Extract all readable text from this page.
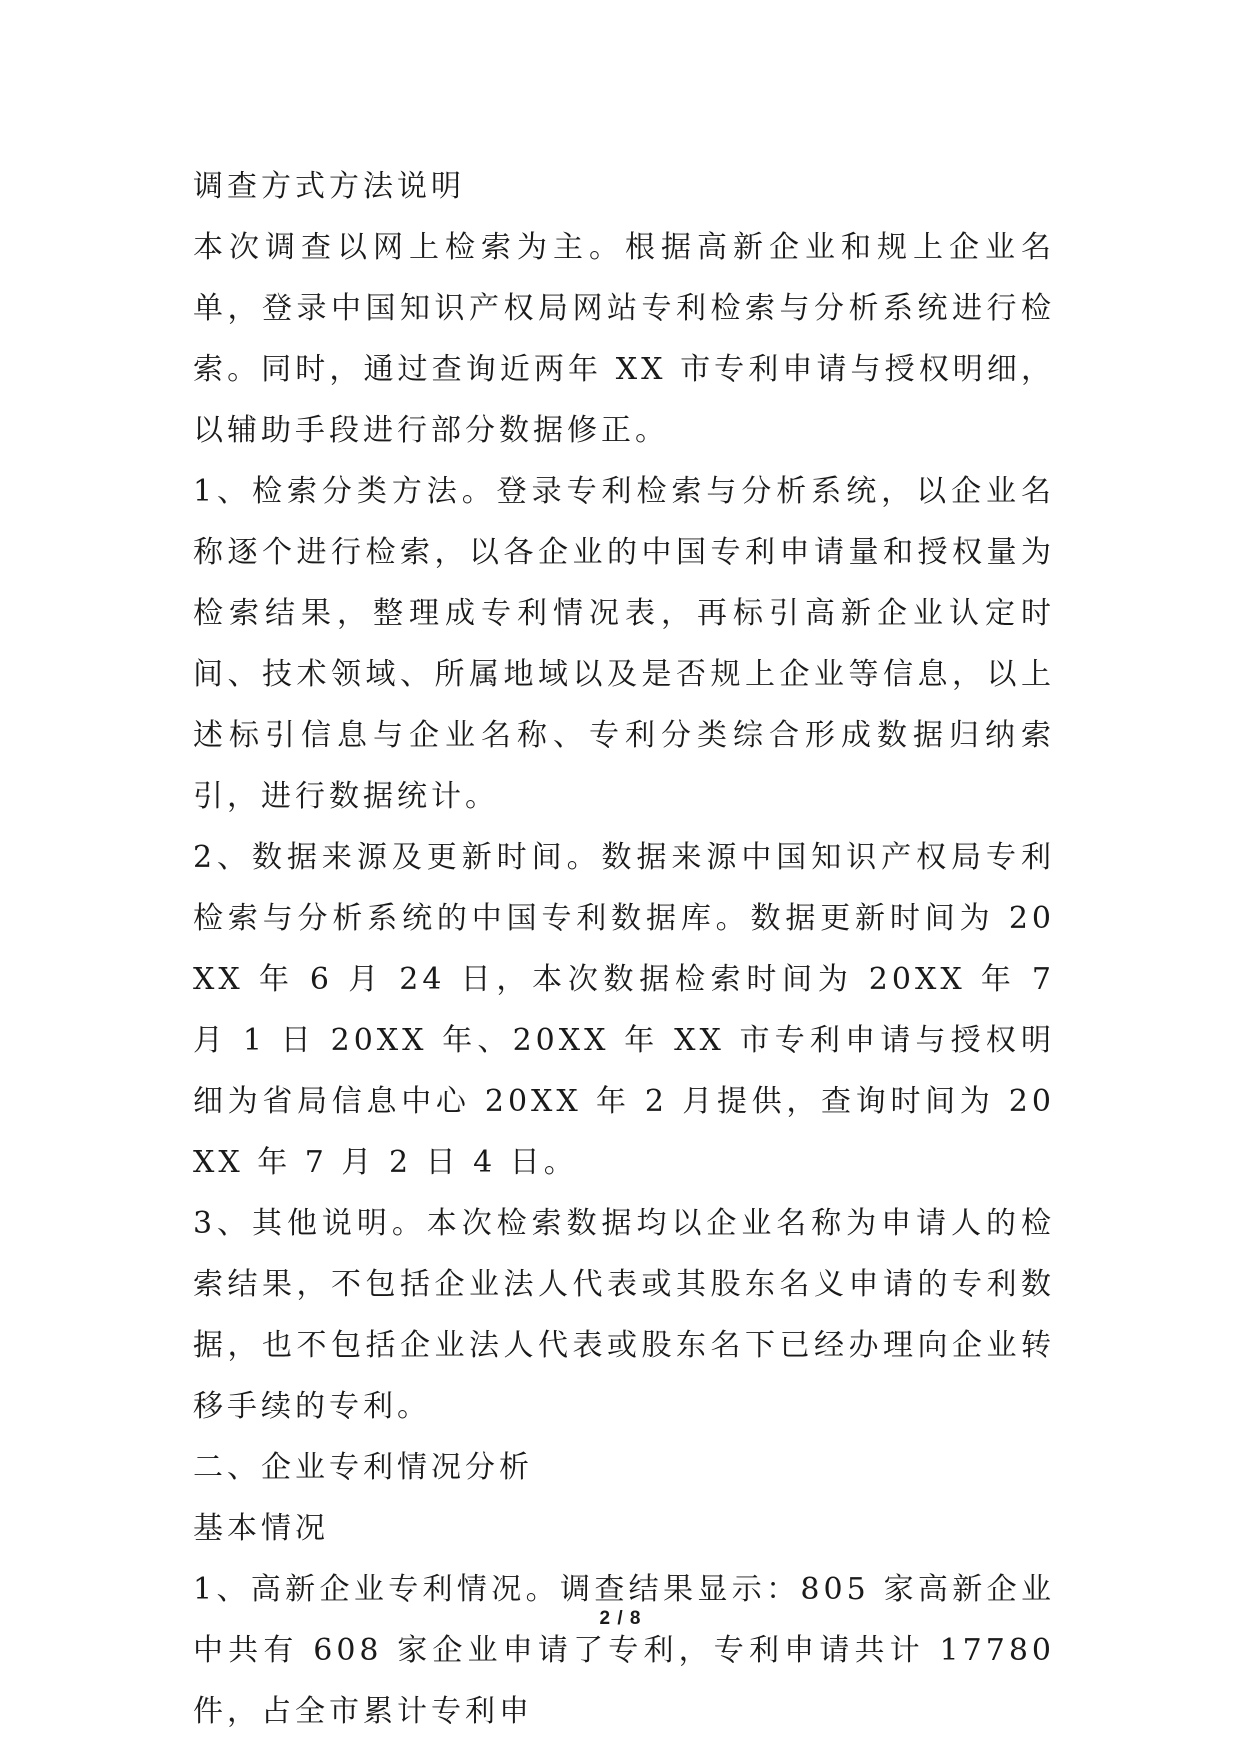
调查方式方法说明

本次调查以网上检索为主。根据高新企业和规上企业名单，登录中国知识产权局网站专利检索与分析系统进行检索。同时，通过查询近两年 XX 市专利申请与授权明细，以辅助手段进行部分数据修正。

1、检索分类方法。登录专利检索与分析系统，以企业名称逐个进行检索，以各企业的中国专利申请量和授权量为检索结果，整理成专利情况表，再标引高新企业认定时间、技术领域、所属地域以及是否规上企业等信息，以上述标引信息与企业名称、专利分类综合形成数据归纳索引，进行数据统计。

2、数据来源及更新时间。数据来源中国知识产权局专利检索与分析系统的中国专利数据库。数据更新时间为 20XX 年 6 月 24 日，本次数据检索时间为 20XX 年 7 月 1 日 20XX 年、20XX 年 XX 市专利申请与授权明细为省局信息中心 20XX 年 2 月提供，查询时间为 20XX 年 7 月 2 日 4 日。

3、其他说明。本次检索数据均以企业名称为申请人的检索结果，不包括企业法人代表或其股东名义申请的专利数据，也不包括企业法人代表或股东名下已经办理向企业转移手续的专利。

二、企业专利情况分析

基本情况

1、高新企业专利情况。调查结果显示：805 家高新企业中共有 608 家企业申请了专利，专利申请共计 17780 件，占全市累计专利申

2 / 8
